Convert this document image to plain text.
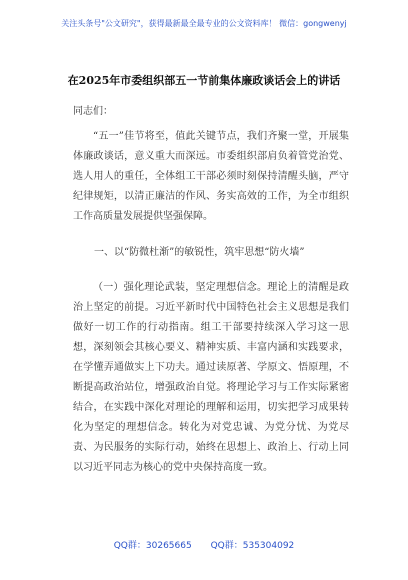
关注头条号"公文研究"，获得最新最全最专业的公文资料库！ 微信：gongwenyj
在2025年市委组织部五一节前集体廉政谈话会上的讲话
同志们：

“五一”佳节将至，值此关键节点，我们齐聚一堂，开展集体廉政谈话，意义重大而深远。市委组织部肩负着管党治党、选人用人的重任，全体组工干部必须时刻保持清醒头脑，严守纪律规矩，以清正廉洁的作风、务实高效的工作，为全市组织工作高质量发展提供坚强保障。

一、以“防微杜渐”的敏锐性，筑牢思想“防火墙”

（一）强化理论武装，坚定理想信念。理论上的清醒是政治上坚定的前提。习近平新时代中国特色社会主义思想是我们做好一切工作的行动指南。组工干部要持续深入学习这一思想，深刻领会其核心要义、精神实质、丰富内涵和实践要求，在学懂弄通做实上下功夫。通过读原著、学原文、悟原理，不断提高政治站位，增强政治自觉。将理论学习与工作实际紧密结合，在实践中深化对理论的理解和运用，切实把学习成果转化为坚定的理想信念。转化为对党忠诚、为党分忧、为党尽责、为民服务的实际行动，始终在思想上、政治上、行动上同以习近平同志为核心的党中央保持高度一致。

QQ群：30265665 QQ群：535304092
